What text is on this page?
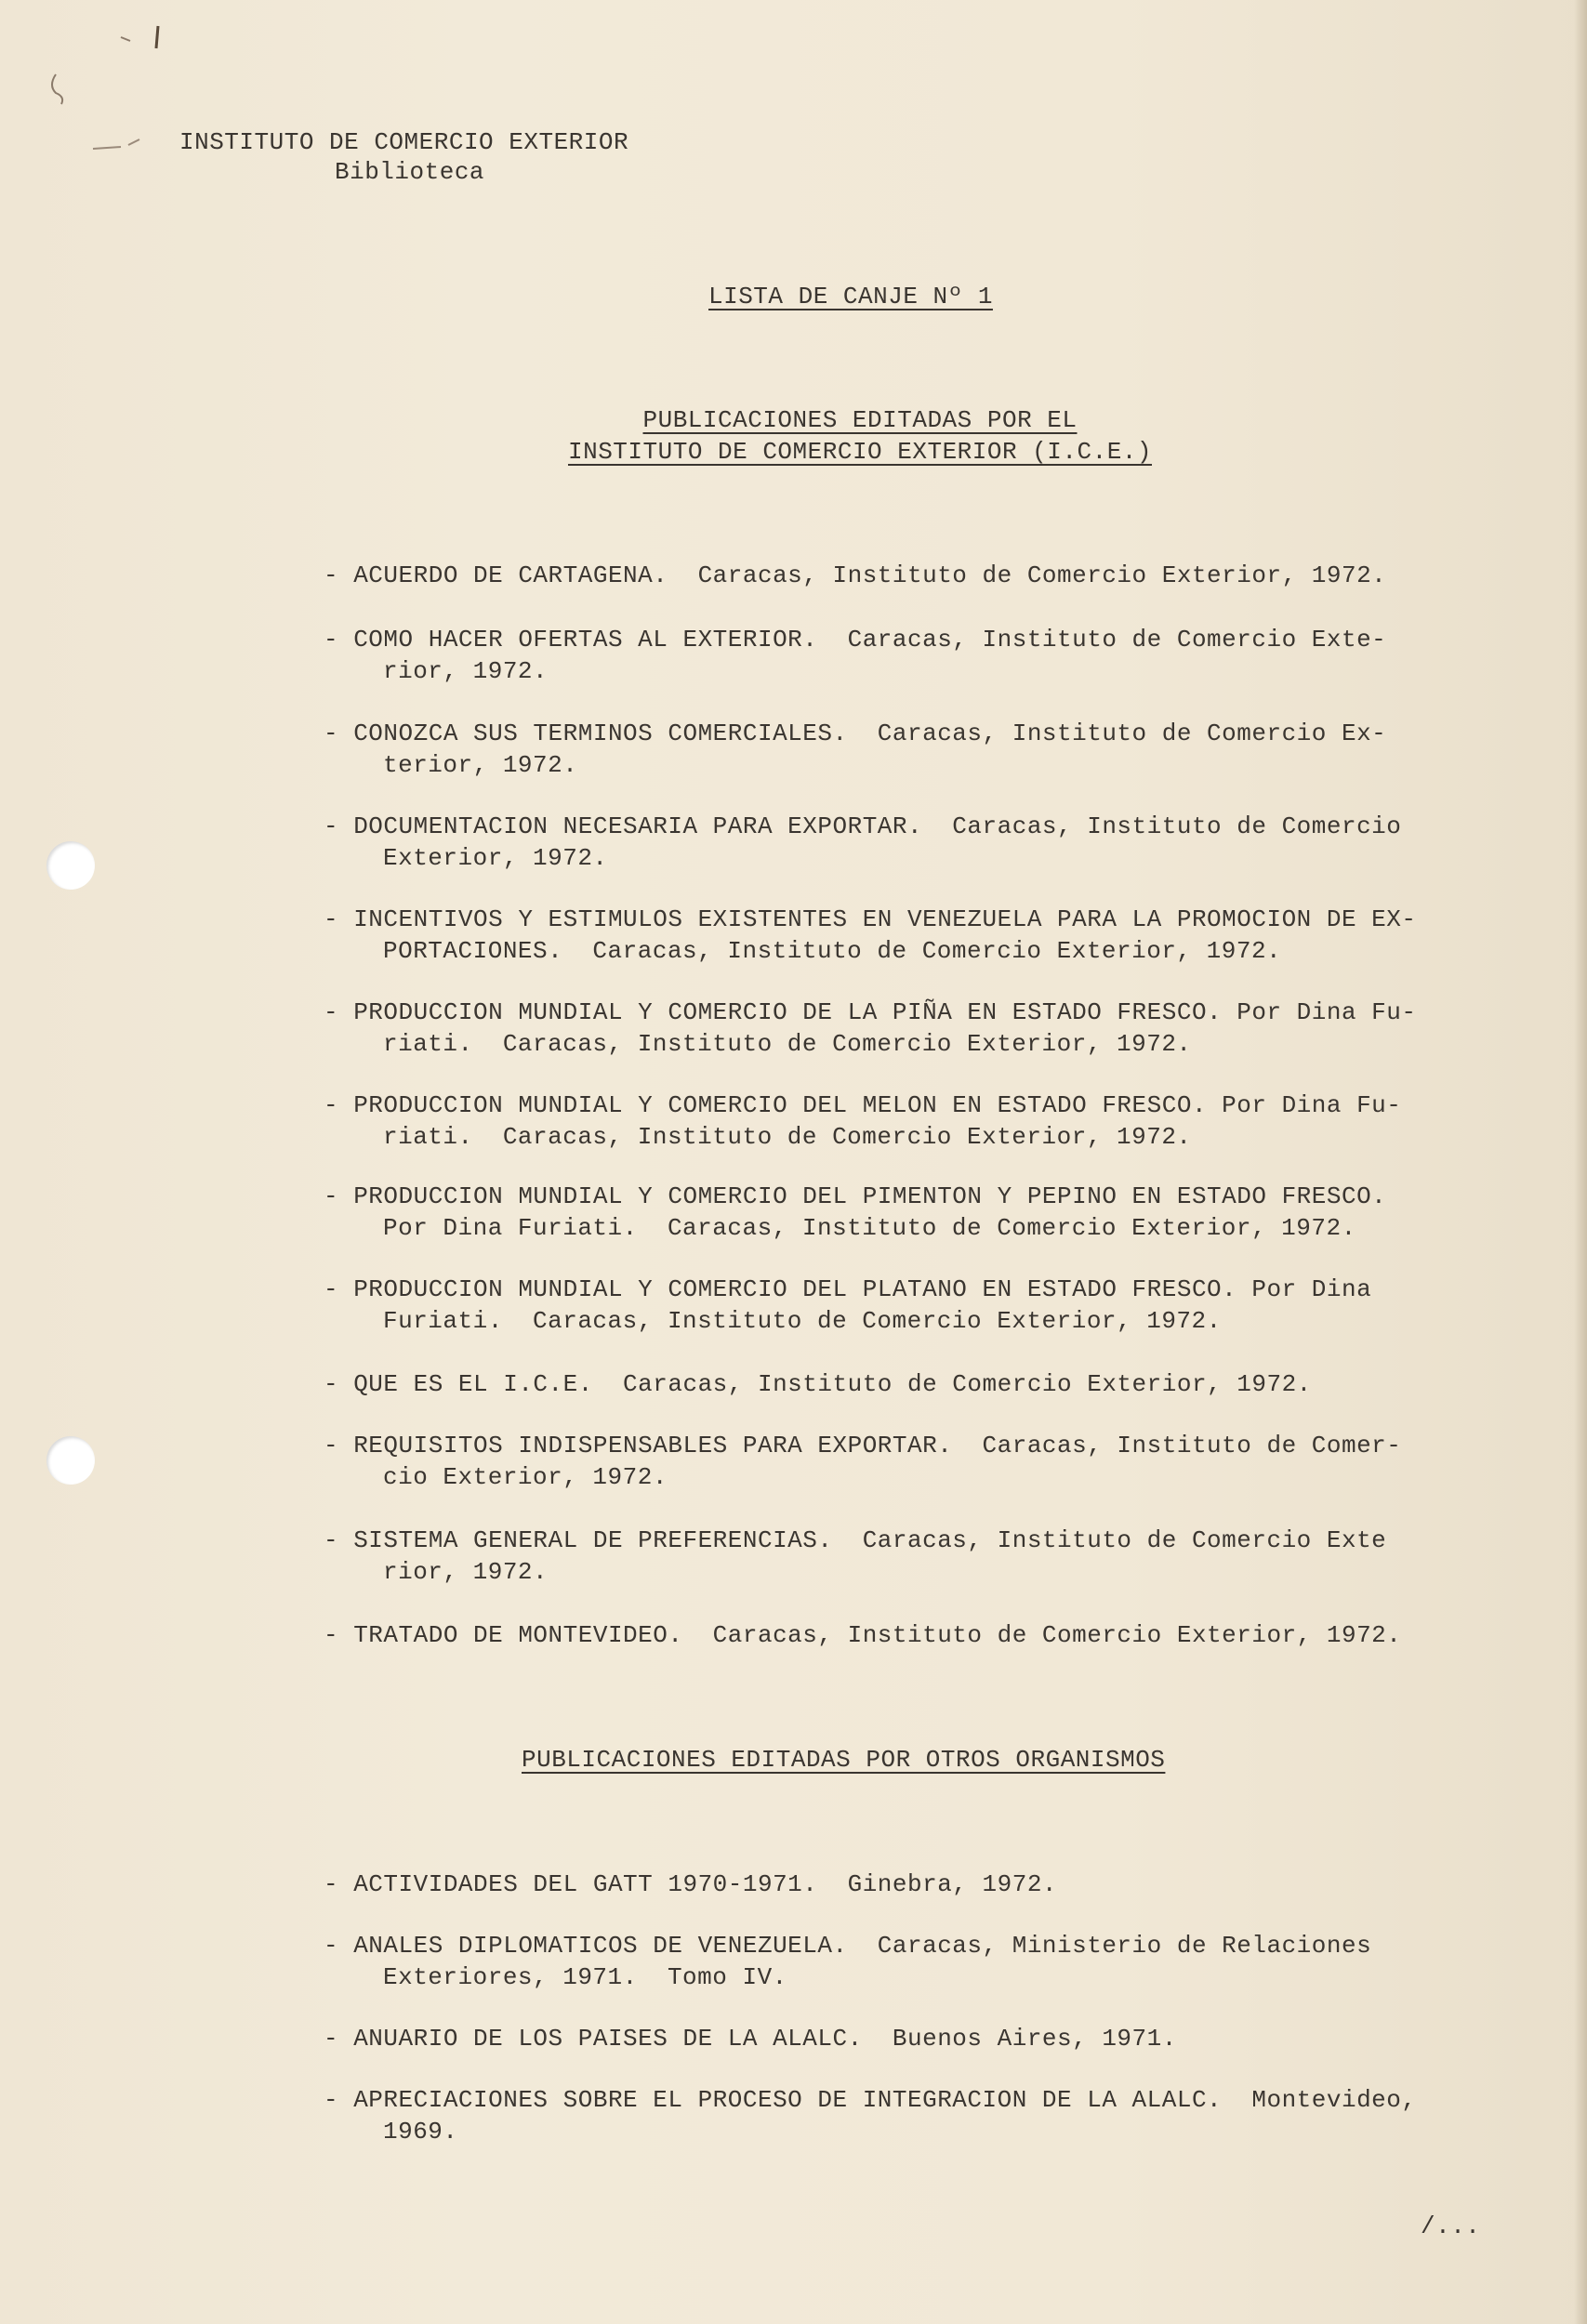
INSTITUTO DE COMERCIO EXTERIOR
Biblioteca
LISTA DE CANJE Nº 1
PUBLICACIONES EDITADAS POR EL
INSTITUTO DE COMERCIO EXTERIOR (I.C.E.)
- ACUERDO DE CARTAGENA.  Caracas, Instituto de Comercio Exterior, 1972.
- COMO HACER OFERTAS AL EXTERIOR.  Caracas, Instituto de Comercio Exte-
rior, 1972.
- CONOZCA SUS TERMINOS COMERCIALES.  Caracas, Instituto de Comercio Ex-
terior, 1972.
- DOCUMENTACION NECESARIA PARA EXPORTAR.  Caracas, Instituto de Comercio
Exterior, 1972.
- INCENTIVOS Y ESTIMULOS EXISTENTES EN VENEZUELA PARA LA PROMOCION DE EX-
PORTACIONES.  Caracas, Instituto de Comercio Exterior, 1972.
- PRODUCCION MUNDIAL Y COMERCIO DE LA PIÑA EN ESTADO FRESCO. Por Dina Fu-
riati.  Caracas, Instituto de Comercio Exterior, 1972.
- PRODUCCION MUNDIAL Y COMERCIO DEL MELON EN ESTADO FRESCO. Por Dina Fu-
riati.  Caracas, Instituto de Comercio Exterior, 1972.
- PRODUCCION MUNDIAL Y COMERCIO DEL PIMENTON Y PEPINO EN ESTADO FRESCO.
Por Dina Furiati.  Caracas, Instituto de Comercio Exterior, 1972.
- PRODUCCION MUNDIAL Y COMERCIO DEL PLATANO EN ESTADO FRESCO. Por Dina
Furiati.  Caracas, Instituto de Comercio Exterior, 1972.
- QUE ES EL I.C.E.  Caracas, Instituto de Comercio Exterior, 1972.
- REQUISITOS INDISPENSABLES PARA EXPORTAR.  Caracas, Instituto de Comer-
cio Exterior, 1972.
- SISTEMA GENERAL DE PREFERENCIAS.  Caracas, Instituto de Comercio Exte
rior, 1972.
- TRATADO DE MONTEVIDEO.  Caracas, Instituto de Comercio Exterior, 1972.
PUBLICACIONES EDITADAS POR OTROS ORGANISMOS
- ACTIVIDADES DEL GATT 1970-1971.  Ginebra, 1972.
- ANALES DIPLOMATICOS DE VENEZUELA.  Caracas, Ministerio de Relaciones
Exteriores, 1971.  Tomo IV.
- ANUARIO DE LOS PAISES DE LA ALALC.  Buenos Aires, 1971.
- APRECIACIONES SOBRE EL PROCESO DE INTEGRACION DE LA ALALC.  Montevideo,
1969.
/...
